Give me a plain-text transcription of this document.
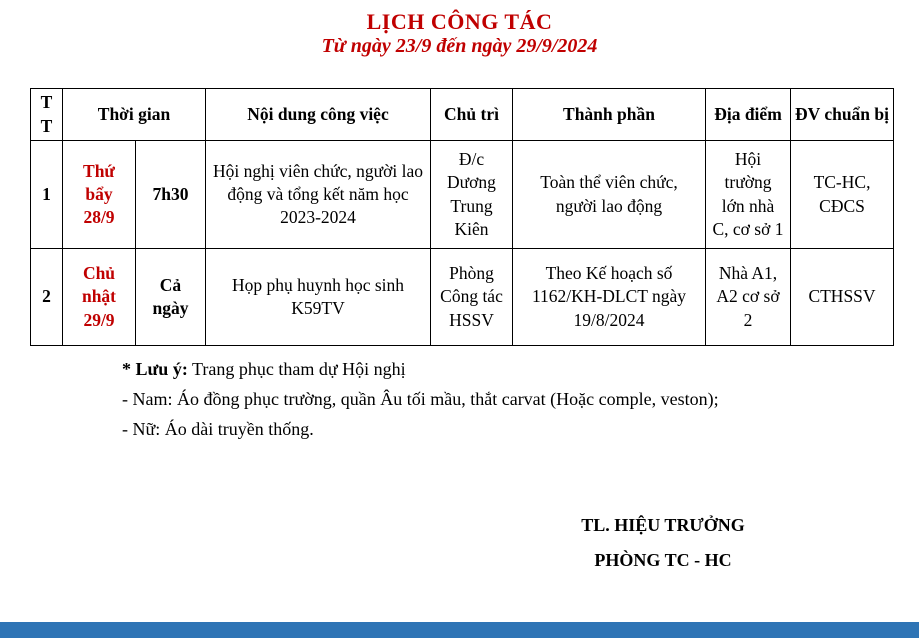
LỊCH CÔNG TÁC
Từ ngày 23/9 đến ngày 29/9/2024
T T	Thời gian		Nội dung công việc	Chủ trì	Thành phần	Địa điểm	ĐV chuẩn bị
1	Thứ bẩy 28/9	7h30	Hội nghị viên chức, người lao động và tổng kết năm học 2023-2024	Đ/c Dương Trung Kiên	Toàn thể viên chức, người lao động	Hội trường lớn nhà C, cơ sở 1	TC-HC, CĐCS
2	Chủ nhật 29/9	Cả ngày	Họp phụ huynh học sinh K59TV	Phòng Công tác HSSV	Theo Kế hoạch số 1162/KH-DLCT ngày 19/8/2024	Nhà A1, A2 cơ sở 2	CTHSSV

* Lưu ý: Trang phục tham dự Hội nghị

- Nam: Áo đồng phục trường, quần Âu tối mầu, thắt carvat (Hoặc comple, veston);

- Nữ: Áo dài truyền thống.

TL. HIỆU TRƯỞNG
PHÒNG TC - HC
